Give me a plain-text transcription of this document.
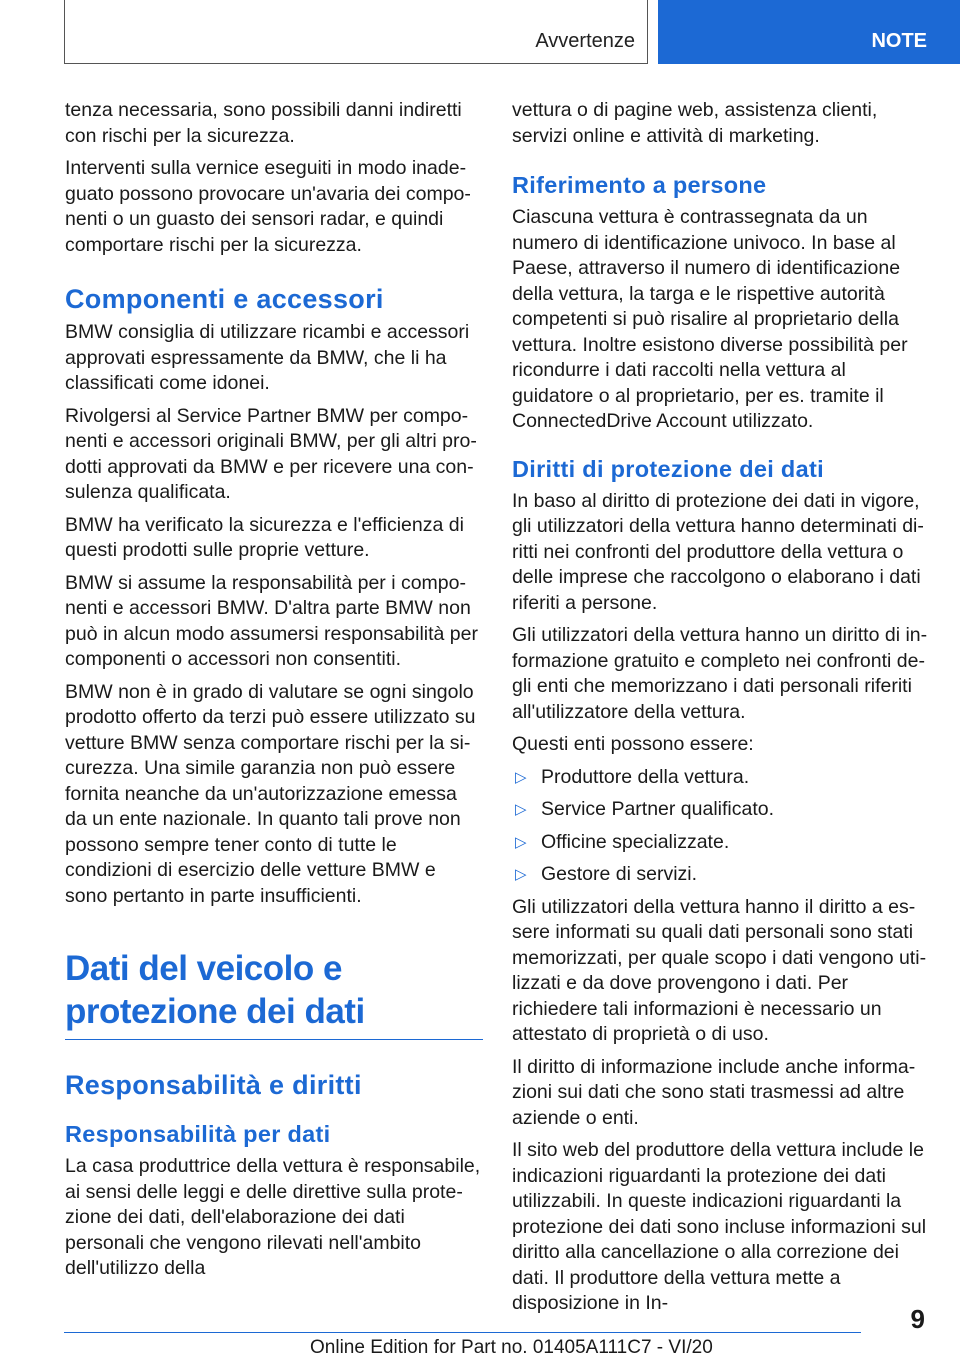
Avvertenze	NOTE

tenza necessaria, sono possibili danni indiretti con rischi per la sicurezza.

Interventi sulla vernice eseguiti in modo inadeguato possono provocare un'avaria dei componenti o un guasto dei sensori radar, e quindi comportare rischi per la sicurezza.

Componenti e accessori

BMW consiglia di utilizzare ricambi e accessori approvati espressamente da BMW, che li ha classificati come idonei.

Rivolgersi al Service Partner BMW per componenti e accessori originali BMW, per gli altri prodotti approvati da BMW e per ricevere una consulenza qualificata.

BMW ha verificato la sicurezza e l'efficienza di questi prodotti sulle proprie vetture.

BMW si assume la responsabilità per i componenti e accessori BMW. D'altra parte BMW non può in alcun modo assumersi responsabilità per componenti o accessori non consentiti.

BMW non è in grado di valutare se ogni singolo prodotto offerto da terzi può essere utilizzato su vetture BMW senza comportare rischi per la sicurezza. Una simile garanzia non può essere fornita neanche da un'autorizzazione emessa da un ente nazionale. In quanto tali prove non possono sempre tener conto di tutte le condizioni di esercizio delle vetture BMW e sono pertanto in parte insufficienti.

Dati del veicolo e protezione dei dati
Responsabilità e diritti
Responsabilità per dati

La casa produttrice della vettura è responsabile, ai sensi delle leggi e delle direttive sulla protezione dei dati, dell'elaborazione dei dati personali che vengono rilevati nell'ambito dell'utilizzo della

vettura o di pagine web, assistenza clienti, servizi online e attività di marketing.

Riferimento a persone

Ciascuna vettura è contrassegnata da un numero di identificazione univoco. In base al Paese, attraverso il numero di identificazione della vettura, la targa e le rispettive autorità competenti si può risalire al proprietario della vettura. Inoltre esistono diverse possibilità per ricondurre i dati raccolti nella vettura al guidatore o al proprietario, per es. tramite il ConnectedDrive Account utilizzato.

Diritti di protezione dei dati

In baso al diritto di protezione dei dati in vigore, gli utilizzatori della vettura hanno determinati diritti nei confronti del produttore della vettura o delle imprese che raccolgono o elaborano i dati riferiti a persone.

Gli utilizzatori della vettura hanno un diritto di informazione gratuito e completo nei confronti degli enti che memorizzano i dati personali riferiti all'utilizzatore della vettura.

Questi enti possono essere:

▷ Produttore della vettura.
▷ Service Partner qualificato.
▷ Officine specializzate.
▷ Gestore di servizi.

Gli utilizzatori della vettura hanno il diritto a essere informati su quali dati personali sono stati memorizzati, per quale scopo i dati vengono utilizzati e da dove provengono i dati. Per richiedere tali informazioni è necessario un attestato di proprietà o di uso.

Il diritto di informazione include anche informazioni sui dati che sono stati trasmessi ad altre aziende o enti.

Il sito web del produttore della vettura include le indicazioni riguardanti la protezione dei dati utilizzabili. In queste indicazioni riguardanti la protezione dei dati sono incluse informazioni sul diritto alla cancellazione o alla correzione dei dati. Il produttore della vettura mette a disposizione in In-

9
Online Edition for Part no. 01405A111C7 - VI/20
